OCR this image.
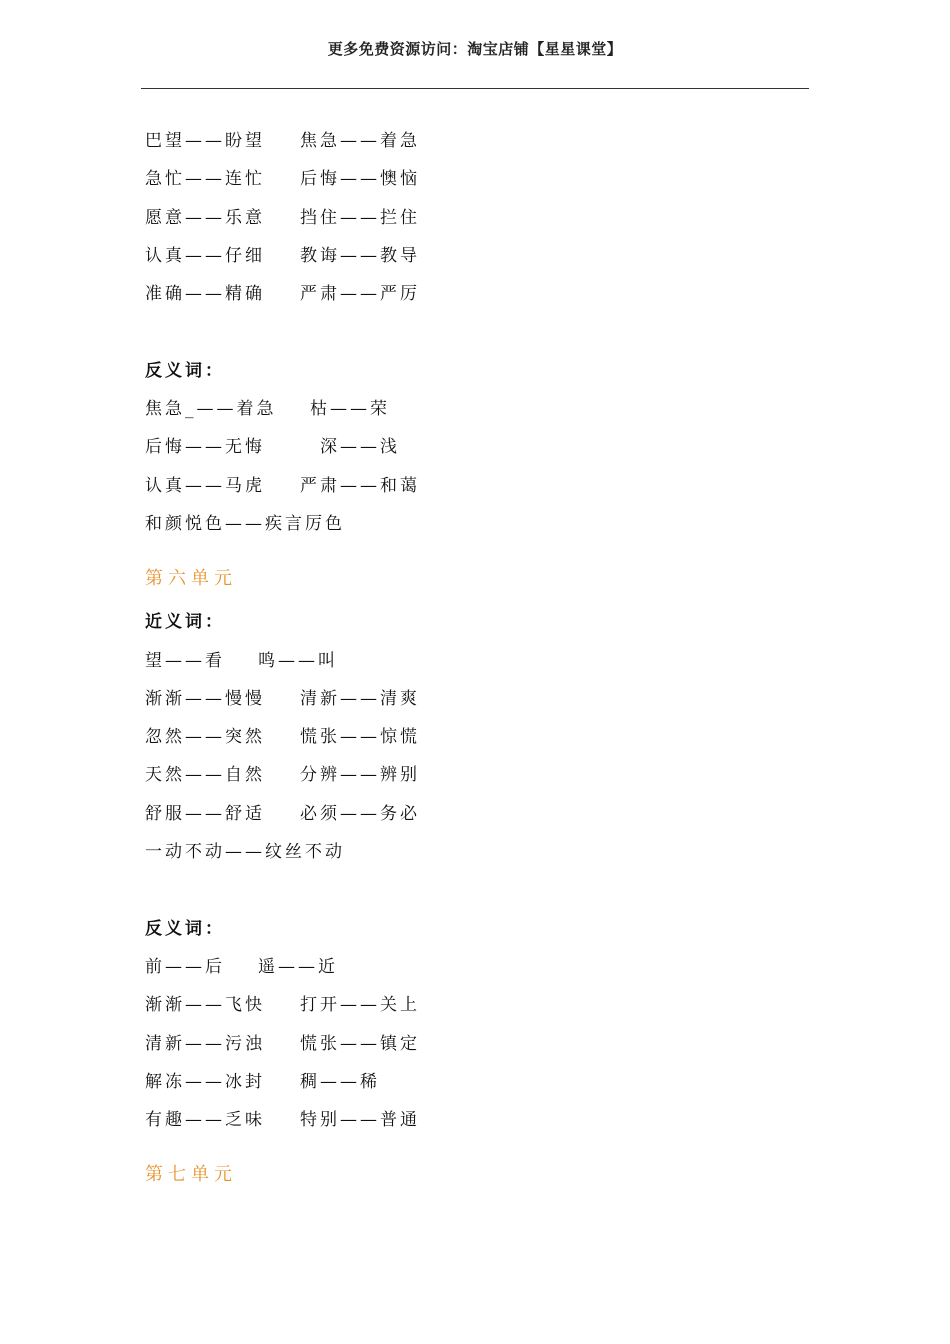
更多免费资源访问：淘宝店铺【星星课堂】
巴望——盼望 焦急——着急
急忙——连忙 后悔——懊恼
愿意——乐意 挡住——拦住
认真——仔细 教诲——教导
准确——精确 严肃——严厉
反义词：
焦急_——着急 枯——荣
后悔——无悔	深——浅
认真——马虎 严肃——和蔼
和颜悦色——疾言厉色
第六单元
近义词：
望——看 鸣——叫
渐渐——慢慢 清新——清爽
忽然——突然 慌张——惊慌
天然——自然 分辨——辨别
舒服——舒适 必须——务必
一动不动——纹丝不动
反义词：
前——后 遥——近
渐渐——飞快 打开——关上
清新——污浊 慌张——镇定
解冻——冰封 稠——稀
有趣——乏味 特别——普通
第七单元
